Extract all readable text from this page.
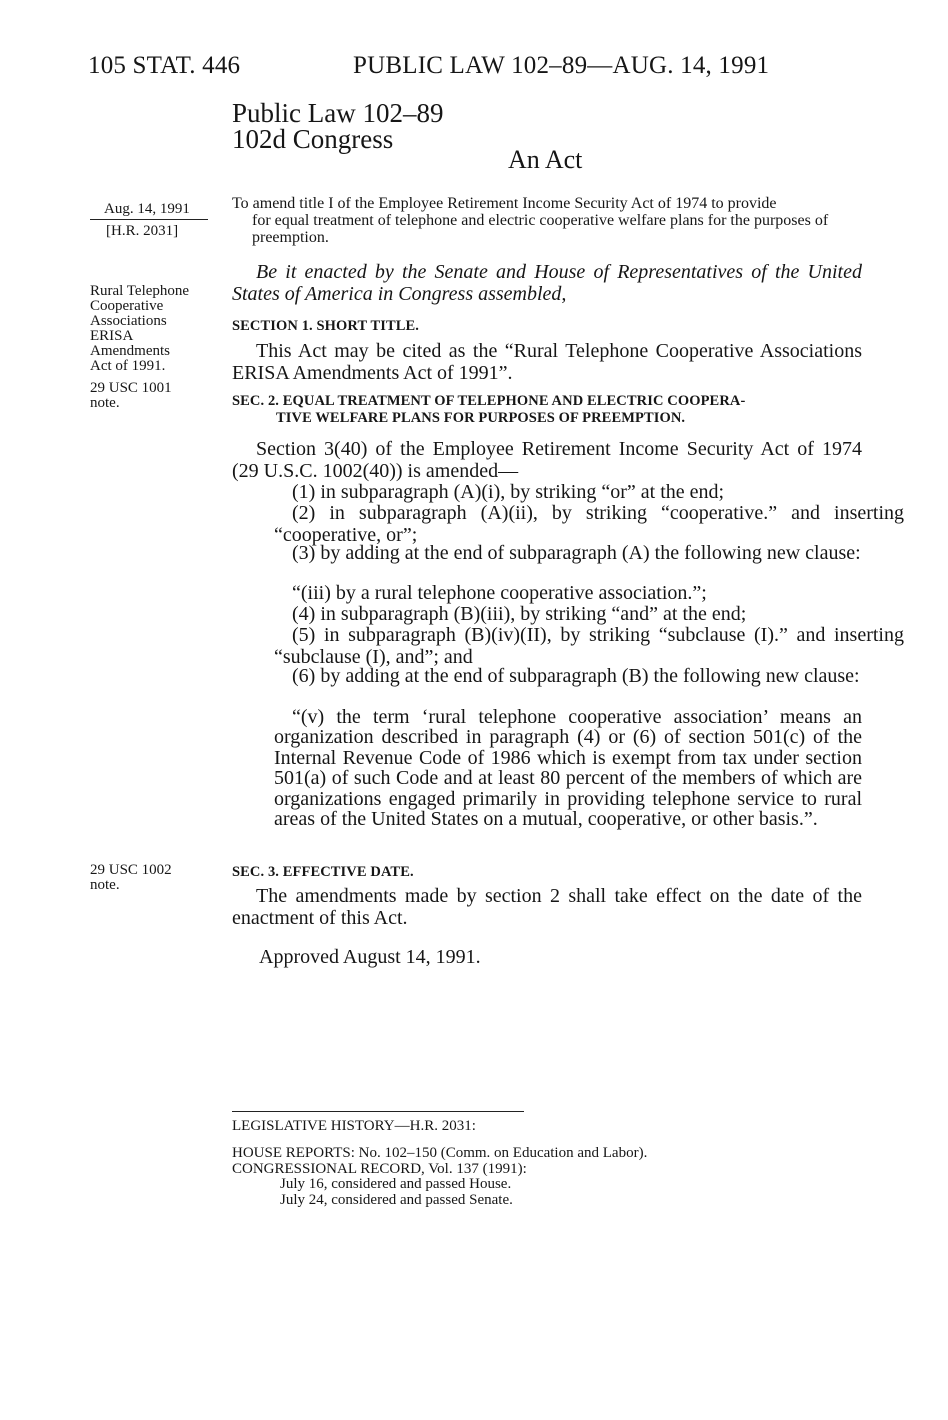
105 STAT. 446	PUBLIC LAW 102–89—AUG. 14, 1991
Public Law 102–89
102d Congress
An Act
Aug. 14, 1991
[H.R. 2031]
Rural Telephone
Cooperative
Associations
ERISA
Amendments
Act of 1991.
29 USC 1001
note.
29 USC 1002
note.
To amend title I of the Employee Retirement Income Security Act of 1974 to provide
for equal treatment of telephone and electric cooperative welfare plans for the purposes of preemption.
Be it enacted by the Senate and House of Representatives of the United States of America in Congress assembled,
SECTION 1. SHORT TITLE.
This Act may be cited as the “Rural Telephone Cooperative Associations ERISA Amendments Act of 1991”.
SEC. 2. EQUAL TREATMENT OF TELEPHONE AND ELECTRIC COOPERA-
TIVE WELFARE PLANS FOR PURPOSES OF PREEMPTION.
Section 3(40) of the Employee Retirement Income Security Act of 1974 (29 U.S.C. 1002(40)) is amended—
(1) in subparagraph (A)(i), by striking “or” at the end;
(2) in subparagraph (A)(ii), by striking “cooperative.” and inserting “cooperative, or”;
(3) by adding at the end of subparagraph (A) the following new clause:
“(iii) by a rural telephone cooperative association.”;
(4) in subparagraph (B)(iii), by striking “and” at the end;
(5) in subparagraph (B)(iv)(II), by striking “subclause (I).” and inserting “subclause (I), and”; and
(6) by adding at the end of subparagraph (B) the following new clause:
“(v) the term ‘rural telephone cooperative association’ means an organization described in paragraph (4) or (6) of section 501(c) of the Internal Revenue Code of 1986 which is exempt from tax under section 501(a) of such Code and at least 80 percent of the members of which are organizations engaged primarily in providing telephone service to rural areas of the United States on a mutual, cooperative, or other basis.”.
SEC. 3. EFFECTIVE DATE.
The amendments made by section 2 shall take effect on the date of the enactment of this Act.
Approved August 14, 1991.
LEGISLATIVE HISTORY—H.R. 2031:
HOUSE REPORTS: No. 102–150 (Comm. on Education and Labor).
CONGRESSIONAL RECORD, Vol. 137 (1991):
July 16, considered and passed House.
July 24, considered and passed Senate.
